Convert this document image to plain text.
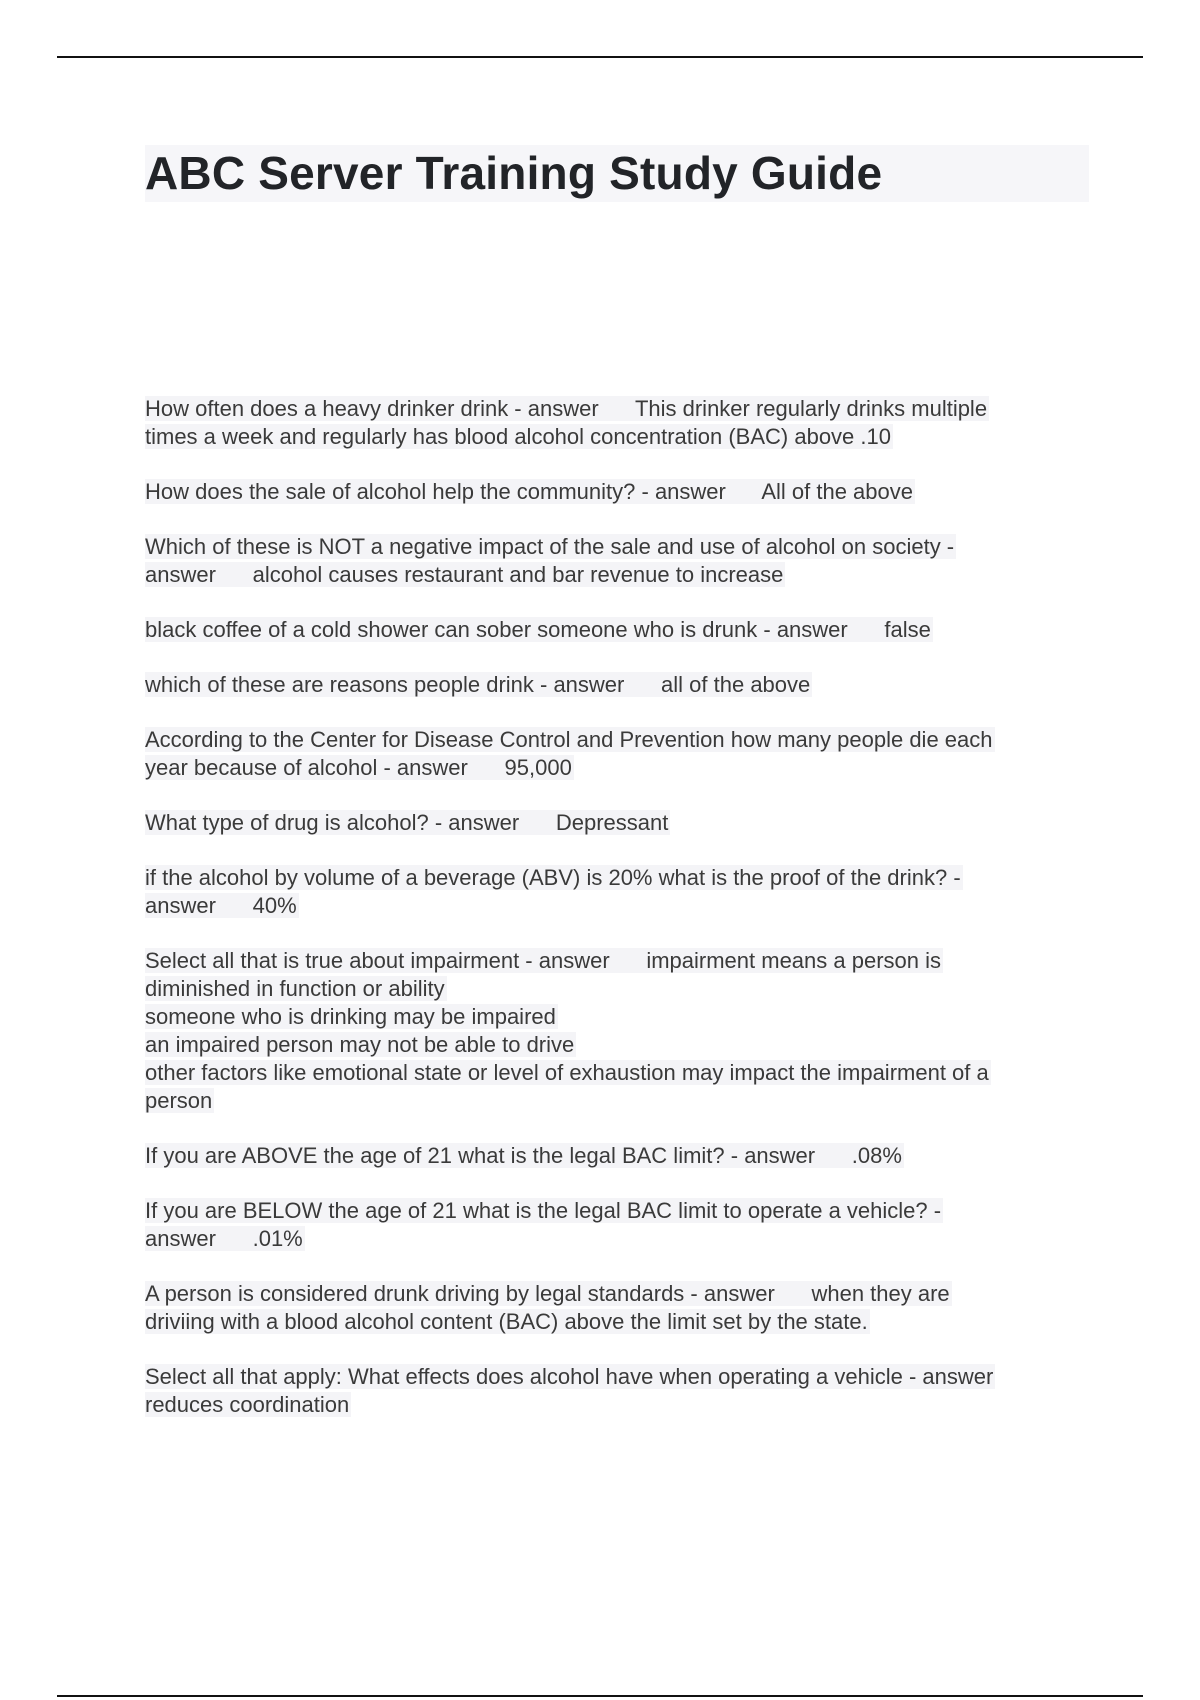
ABC Server Training Study Guide

How often does a heavy drinker drink - answer      This drinker regularly drinks multiple
times a week and regularly has blood alcohol concentration (BAC) above .10

How does the sale of alcohol help the community? - answer      All of the above

Which of these is NOT a negative impact of the sale and use of alcohol on society -
answer      alcohol causes restaurant and bar revenue to increase

black coffee of a cold shower can sober someone who is drunk - answer      false

which of these are reasons people drink - answer      all of the above

According to the Center for Disease Control and Prevention how many people die each
year because of alcohol - answer      95,000

What type of drug is alcohol? - answer      Depressant

if the alcohol by volume of a beverage (ABV) is 20% what is the proof of the drink? -
answer      40%

Select all that is true about impairment - answer      impairment means a person is
diminished in function or ability
someone who is drinking may be impaired
an impaired person may not be able to drive
other factors like emotional state or level of exhaustion may impact the impairment of a
person

If you are ABOVE the age of 21 what is the legal BAC limit? - answer      .08%

If you are BELOW the age of 21 what is the legal BAC limit to operate a vehicle? -
answer      .01%

A person is considered drunk driving by legal standards - answer      when they are
driviing with a blood alcohol content (BAC) above the limit set by the state.

Select all that apply: What effects does alcohol have when operating a vehicle - answer
reduces coordination
